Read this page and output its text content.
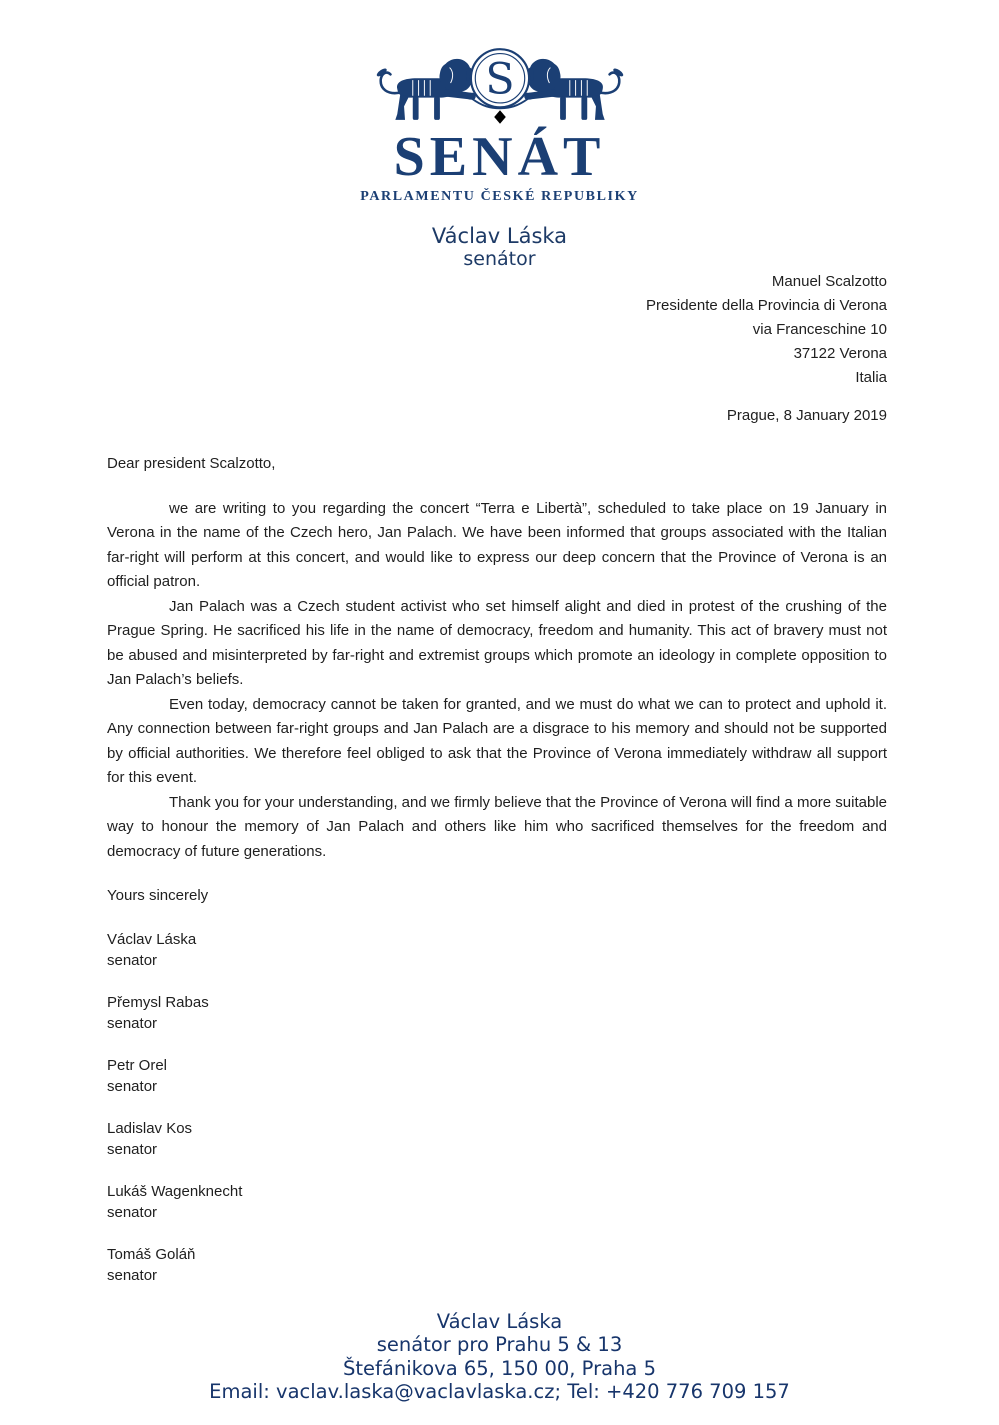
S
SENÁT
PARLAMENTU ČESKÉ REPUBLIKY
Václav Láska
senátor
Manuel Scalzotto
Presidente della Provincia di Verona
via Franceschine 10
37122 Verona
Italia
Prague, 8 January 2019
Dear president Scalzotto,

we are writing to you regarding the concert “Terra e Libertà”, scheduled to take place on 19 January in Verona in the name of the Czech hero, Jan Palach. We have been informed that groups associated with the Italian far-right will perform at this concert, and would like to express our deep concern that the Province of Verona is an official patron.

Jan Palach was a Czech student activist who set himself alight and died in protest of the crushing of the Prague Spring. He sacrificed his life in the name of democracy, freedom and humanity. This act of bravery must not be abused and misinterpreted by far-right and extremist groups which promote an ideology in complete opposition to Jan Palach’s beliefs.

Even today, democracy cannot be taken for granted, and we must do what we can to protect and uphold it. Any connection between far-right groups and Jan Palach are a disgrace to his memory and should not be supported by official authorities. We therefore feel obliged to ask that the Province of Verona immediately withdraw all support for this event.

Thank you for your understanding, and we firmly believe that the Province of Verona will find a more suitable way to honour the memory of Jan Palach and others like him who sacrificed themselves for the freedom and democracy of future generations.

Yours sincerely
Václav Láska
senator
Přemysl Rabas
senator
Petr Orel
senator
Ladislav Kos
senator
Lukáš Wagenknecht
senator
Tomáš Goláň
senator
Václav Láska
senátor pro Prahu 5 & 13
Štefánikova 65, 150 00, Praha 5
Email: vaclav.laska@vaclavlaska.cz; Tel: +420 776 709 157
